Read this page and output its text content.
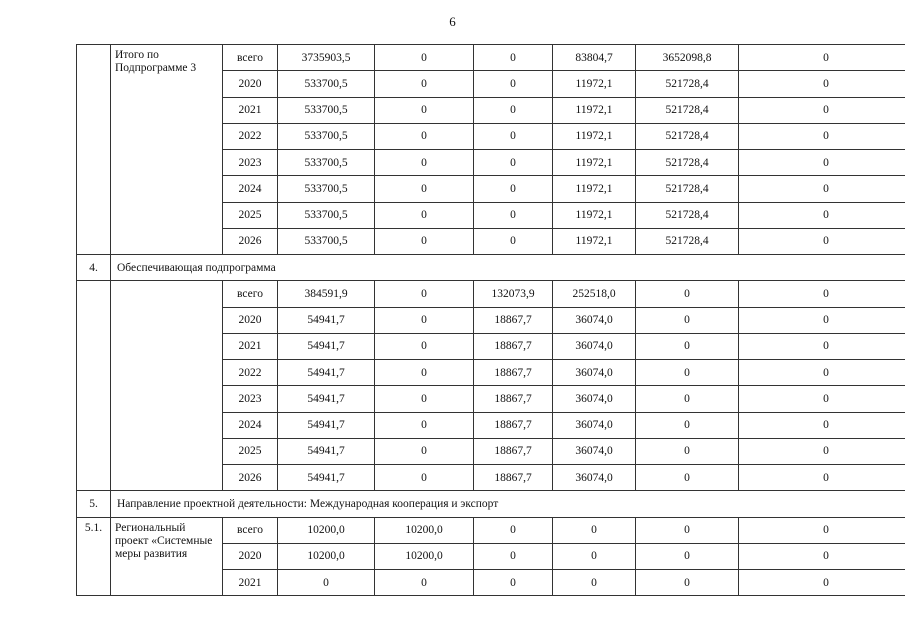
6
	Итого по Подпрограмме 3	всего	3735903,5	0	0	83804,7	3652098,8	0
		2020	533700,5	0	0	11972,1	521728,4	0
		2021	533700,5	0	0	11972,1	521728,4	0
		2022	533700,5	0	0	11972,1	521728,4	0
		2023	533700,5	0	0	11972,1	521728,4	0
		2024	533700,5	0	0	11972,1	521728,4	0
		2025	533700,5	0	0	11972,1	521728,4	0
		2026	533700,5	0	0	11972,1	521728,4	0
4.	Обеспечивающая подпрограмма							
		всего	384591,9	0	132073,9	252518,0	0	0
		2020	54941,7	0	18867,7	36074,0	0	0
		2021	54941,7	0	18867,7	36074,0	0	0
		2022	54941,7	0	18867,7	36074,0	0	0
		2023	54941,7	0	18867,7	36074,0	0	0
		2024	54941,7	0	18867,7	36074,0	0	0
		2025	54941,7	0	18867,7	36074,0	0	0
		2026	54941,7	0	18867,7	36074,0	0	0
5.	Направление проектной деятельности: Международная кооперация и экспорт							
5.1.	Региональный проект «Системные меры развития	всего	10200,0	10200,0	0	0	0	0
		2020	10200,0	10200,0	0	0	0	0
		2021	0	0	0	0	0	0
